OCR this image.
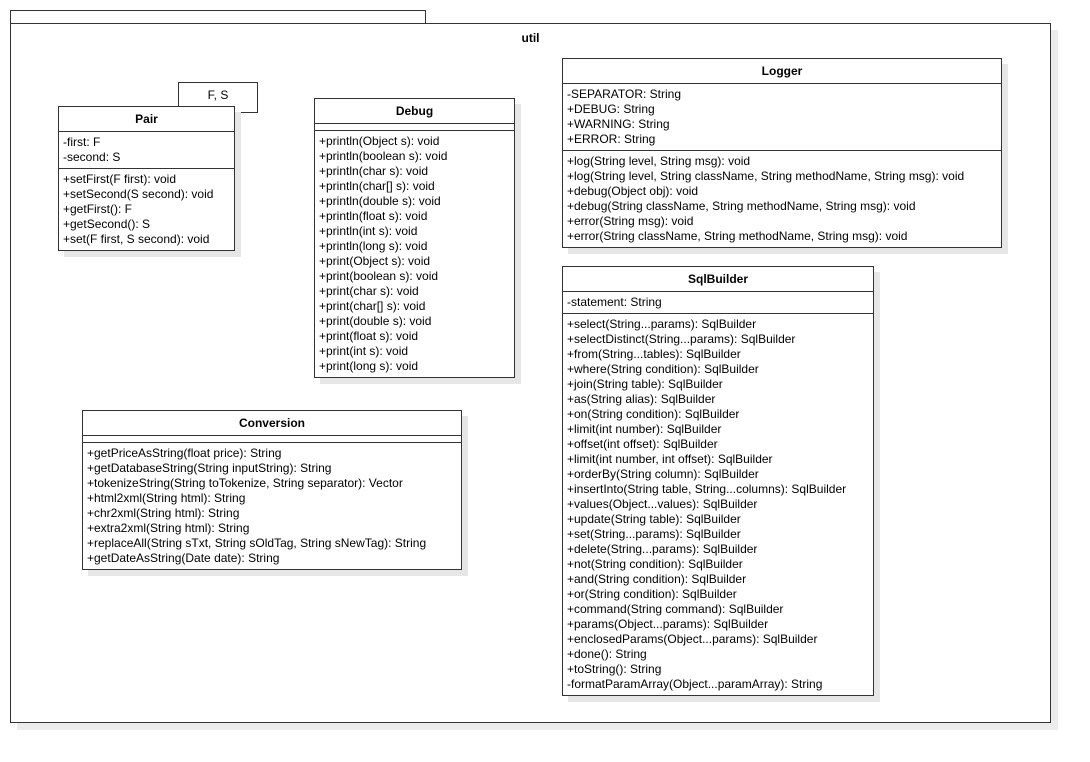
util
F, S
Pair
-first: F
-second: S
+setFirst(F first): void
+setSecond(S second): void
+getFirst(): F
+getSecond(): S
+set(F first, S second): void
Debug
+println(Object s): void
+println(boolean s): void
+println(char s): void
+println(char[] s): void
+println(double s): void
+println(float s): void
+println(int s): void
+println(long s): void
+print(Object s): void
+print(boolean s): void
+print(char s): void
+print(char[] s): void
+print(double s): void
+print(float s): void
+print(int s): void
+print(long s): void
Logger
-SEPARATOR: String
+DEBUG: String
+WARNING: String
+ERROR: String
+log(String level, String msg): void
+log(String level, String className, String methodName, String msg): void
+debug(Object obj): void
+debug(String className, String methodName, String msg): void
+error(String msg): void
+error(String className, String methodName, String msg): void
SqlBuilder
-statement: String
+select(String...params): SqlBuilder
+selectDistinct(String...params): SqlBuilder
+from(String...tables): SqlBuilder
+where(String condition): SqlBuilder
+join(String table): SqlBuilder
+as(String alias): SqlBuilder
+on(String condition): SqlBuilder
+limit(int number): SqlBuilder
+offset(int offset): SqlBuilder
+limit(int number, int offset): SqlBuilder
+orderBy(String column): SqlBuilder
+insertInto(String table, String...columns): SqlBuilder
+values(Object...values): SqlBuilder
+update(String table): SqlBuilder
+set(String...params): SqlBuilder
+delete(String...params): SqlBuilder
+not(String condition): SqlBuilder
+and(String condition): SqlBuilder
+or(String condition): SqlBuilder
+command(String command): SqlBuilder
+params(Object...params): SqlBuilder
+enclosedParams(Object...params): SqlBuilder
+done(): String
+toString(): String
-formatParamArray(Object...paramArray): String
Conversion
+getPriceAsString(float price): String
+getDatabaseString(String inputString): String
+tokenizeString(String toTokenize, String separator): Vector
+html2xml(String html): String
+chr2xml(String html): String
+extra2xml(String html): String
+replaceAll(String sTxt, String sOldTag, String sNewTag): String
+getDateAsString(Date date): String
